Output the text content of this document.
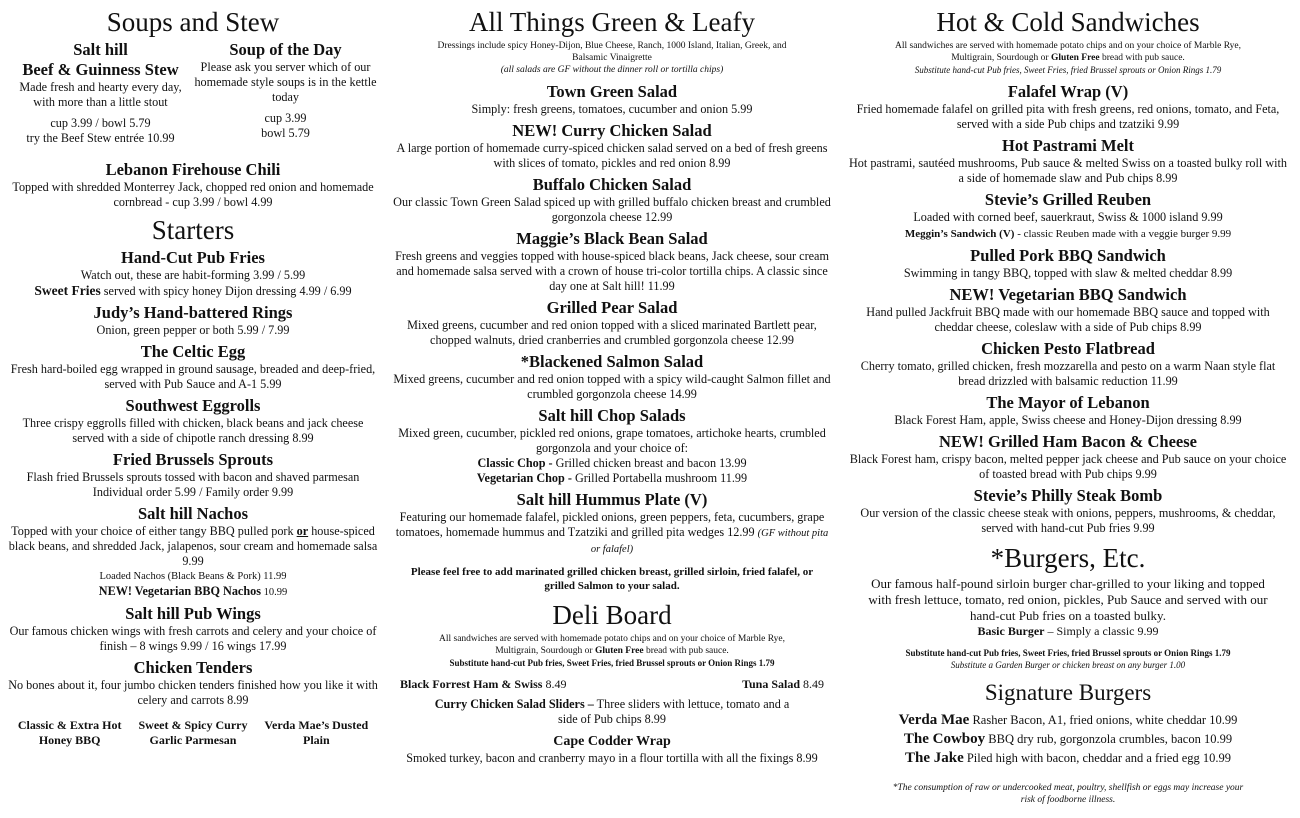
Soups and Stew
Salt hill
Beef & Guinness Stew
Made fresh and hearty every day, with more than a little stout
cup 3.99 / bowl 5.79
try the Beef Stew entrée 10.99
Soup of the Day
Please ask you server which of our homemade style soups is in the kettle today
cup 3.99
bowl 5.79
Lebanon Firehouse Chili
Topped with shredded Monterrey Jack, chopped red onion and homemade cornbread - cup 3.99 / bowl 4.99
Starters
Hand-Cut Pub Fries
Watch out, these are habit-forming 3.99 / 5.99
Sweet Fries served with spicy honey Dijon dressing 4.99 / 6.99
Judy’s Hand-battered Rings
Onion, green pepper or both 5.99 / 7.99
The Celtic Egg
Fresh hard-boiled egg wrapped in ground sausage, breaded and deep-fried, served with Pub Sauce and A-1 5.99
Southwest Eggrolls
Three crispy eggrolls filled with chicken, black beans and jack cheese served with a side of chipotle ranch dressing 8.99
Fried Brussels Sprouts
Flash fried Brussels sprouts tossed with bacon and shaved parmesan
Individual order 5.99 / Family order 9.99
Salt hill Nachos
Topped with your choice of either tangy BBQ pulled pork or house-spiced black beans, and shredded Jack, jalapenos, sour cream and homemade salsa 9.99
Loaded Nachos (Black Beans & Pork) 11.99
NEW! Vegetarian BBQ Nachos 10.99
Salt hill Pub Wings
Our famous chicken wings with fresh carrots and celery and your choice of finish – 8 wings 9.99 / 16 wings 17.99
Chicken Tenders
No bones about it, four jumbo chicken tenders finished how you like it with celery and carrots 8.99
Classic & Extra Hot
Honey BBQ
Sweet & Spicy Curry
Garlic Parmesan
Verda Mae’s Dusted
Plain
All Things Green & Leafy
Dressings include spicy Honey-Dijon, Blue Cheese, Ranch, 1000 Island, Italian, Greek, and Balsamic Vinaigrette
(all salads are GF without the dinner roll or tortilla chips)
Town Green Salad
Simply: fresh greens, tomatoes, cucumber and onion 5.99
NEW! Curry Chicken Salad
A large portion of homemade curry-spiced chicken salad served on a bed of fresh greens with slices of tomato, pickles and red onion 8.99
Buffalo Chicken Salad
Our classic Town Green Salad spiced up with grilled buffalo chicken breast and crumbled gorgonzola cheese 12.99
Maggie’s Black Bean Salad
Fresh greens and veggies topped with house-spiced black beans, Jack cheese, sour cream and homemade salsa served with a crown of house tri-color tortilla chips. A classic since day one at Salt hill! 11.99
Grilled Pear Salad
Mixed greens, cucumber and red onion topped with a sliced marinated Bartlett pear, chopped walnuts, dried cranberries and crumbled gorgonzola cheese 12.99
*Blackened Salmon Salad
Mixed greens, cucumber and red onion topped with a spicy wild-caught Salmon fillet and crumbled gorgonzola cheese 14.99
Salt hill Chop Salads
Mixed green, cucumber, pickled red onions, grape tomatoes, artichoke hearts, crumbled gorgonzola and your choice of:
Classic Chop - Grilled chicken breast and bacon 13.99
Vegetarian Chop - Grilled Portabella mushroom 11.99
Salt hill Hummus Plate (V)
Featuring our homemade falafel, pickled onions, green peppers, feta, cucumbers, grape tomatoes, homemade hummus and Tzatziki and grilled pita wedges 12.99 (GF without pita or falafel)
Please feel free to add marinated grilled chicken breast, grilled sirloin, fried falafel, or grilled Salmon to your salad.
Deli Board
All sandwiches are served with homemade potato chips and on your choice of Marble Rye, Multigrain, Sourdough or Gluten Free bread with pub sauce.
Substitute hand-cut Pub fries, Sweet Fries, fried Brussel sprouts or Onion Rings 1.79
Black Forrest Ham & Swiss 8.49	Tuna Salad 8.49
Curry Chicken Salad Sliders – Three sliders with lettuce, tomato and a side of Pub chips 8.99
Cape Codder Wrap
Smoked turkey, bacon and cranberry mayo in a flour tortilla with all the fixings 8.99
Hot & Cold Sandwiches
All sandwiches are served with homemade potato chips and on your choice of Marble Rye, Multigrain, Sourdough or Gluten Free bread with pub sauce.
Substitute hand-cut Pub fries, Sweet Fries, fried Brussel sprouts or Onion Rings 1.79
Falafel Wrap (V)
Fried homemade falafel on grilled pita with fresh greens, red onions, tomato, and Feta, served with a side Pub chips and tzatziki 9.99
Hot Pastrami Melt
Hot pastrami, sautéed mushrooms, Pub sauce & melted Swiss on a toasted bulky roll with a side of homemade slaw and Pub chips 8.99
Stevie’s Grilled Reuben
Loaded with corned beef, sauerkraut, Swiss & 1000 island 9.99
Meggin’s Sandwich (V) - classic Reuben made with a veggie burger 9.99
Pulled Pork BBQ Sandwich
Swimming in tangy BBQ, topped with slaw & melted cheddar 8.99
NEW! Vegetarian BBQ Sandwich
Hand pulled Jackfruit BBQ made with our homemade BBQ sauce and topped with cheddar cheese, coleslaw with a side of Pub chips 8.99
Chicken Pesto Flatbread
Cherry tomato, grilled chicken, fresh mozzarella and pesto on a warm Naan style flat bread drizzled with balsamic reduction 11.99
The Mayor of Lebanon
Black Forest Ham, apple, Swiss cheese and Honey-Dijon dressing 8.99
NEW! Grilled Ham Bacon & Cheese
Black Forest ham, crispy bacon, melted pepper jack cheese and Pub sauce on your choice of toasted bread with Pub chips 9.99
Stevie’s Philly Steak Bomb
Our version of the classic cheese steak with onions, peppers, mushrooms, & cheddar, served with hand-cut Pub fries 9.99
*Burgers, Etc.
Our famous half-pound sirloin burger char-grilled to your liking and topped with fresh lettuce, tomato, red onion, pickles, Pub Sauce and served with our hand-cut Pub fries on a toasted bulky.
Basic Burger – Simply a classic 9.99
Substitute hand-cut Pub fries, Sweet Fries, fried Brussel sprouts or Onion Rings 1.79
Substitute a Garden Burger or chicken breast on any burger 1.00
Signature Burgers
Verda Mae Rasher Bacon, A1, fried onions, white cheddar 10.99
The Cowboy BBQ dry rub, gorgonzola crumbles, bacon 10.99
The Jake Piled high with bacon, cheddar and a fried egg 10.99
*The consumption of raw or undercooked meat, poultry, shellfish or eggs may increase your risk of foodborne illness.
